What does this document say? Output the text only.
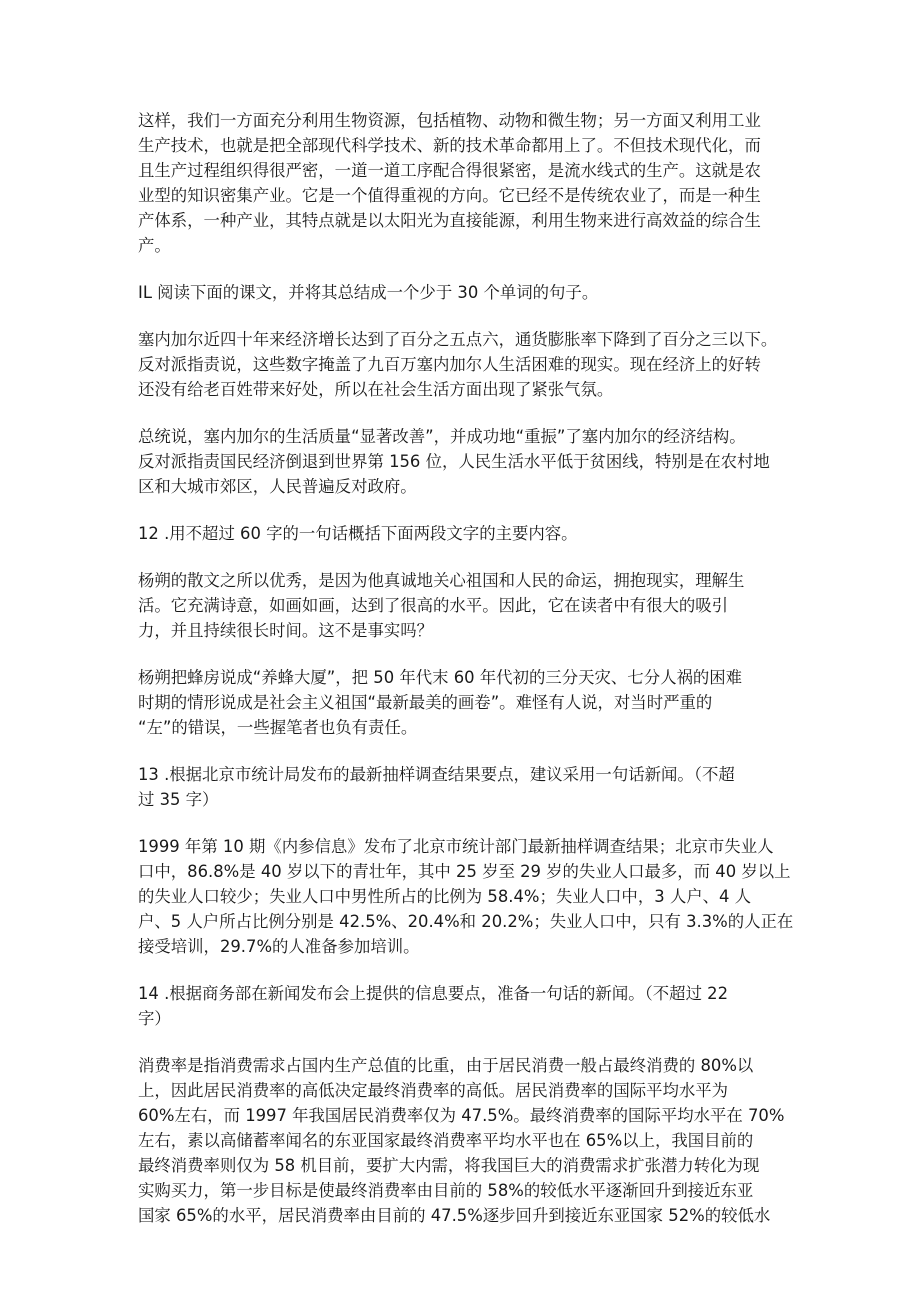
这样，我们一方面充分利用生物资源，包括植物、动物和微生物；另一方面又利用工业
生产技术，也就是把全部现代科学技术、新的技术革命都用上了。不但技术现代化，而
且生产过程组织得很严密，一道一道工序配合得很紧密，是流水线式的生产。这就是农
业型的知识密集产业。它是一个值得重视的方向。它已经不是传统农业了，而是一种生
产体系，一种产业，其特点就是以太阳光为直接能源，利用生物来进行高效益的综合生
产。

IL 阅读下面的课文，并将其总结成一个少于 30 个单词的句子。

塞内加尔近四十年来经济增长达到了百分之五点六，通货膨胀率下降到了百分之三以下。
反对派指责说，这些数字掩盖了九百万塞内加尔人生活困难的现实。现在经济上的好转
还没有给老百姓带来好处，所以在社会生活方面出现了紧张气氛。

总统说，塞内加尔的生活质量“显著改善”，并成功地“重振”了塞内加尔的经济结构。
反对派指责国民经济倒退到世界第 156 位，人民生活水平低于贫困线，特别是在农村地
区和大城市郊区，人民普遍反对政府。

12 .用不超过 60 字的一句话概括下面两段文字的主要内容。

杨朔的散文之所以优秀，是因为他真诚地关心祖国和人民的命运，拥抱现实，理解生
活。它充满诗意，如画如画，达到了很高的水平。因此，它在读者中有很大的吸引
力，并且持续很长时间。这不是事实吗？

杨朔把蜂房说成“养蜂大厦”，把 50 年代末 60 年代初的三分天灾、七分人祸的困难
时期的情形说成是社会主义祖国“最新最美的画卷”。难怪有人说，对当时严重的
“左”的错误，一些握笔者也负有责任。

13 .根据北京市统计局发布的最新抽样调查结果要点，建议采用一句话新闻。（不超
过 35 字）

1999 年第 10 期《内参信息》发布了北京市统计部门最新抽样调查结果；北京市失业人
口中，86.8%是 40 岁以下的青壮年，其中 25 岁至 29 岁的失业人口最多，而 40 岁以上
的失业人口较少；失业人口中男性所占的比例为 58.4%；失业人口中，3 人户、4 人
户、5 人户所占比例分别是 42.5%、20.4%和 20.2%；失业人口中，只有 3.3%的人正在
接受培训，29.7%的人准备参加培训。

14 .根据商务部在新闻发布会上提供的信息要点，准备一句话的新闻。（不超过 22
字）

消费率是指消费需求占国内生产总值的比重，由于居民消费一般占最终消费的 80%以
上，因此居民消费率的高低决定最终消费率的高低。居民消费率的国际平均水平为
60%左右，而 1997 年我国居民消费率仅为 47.5%。最终消费率的国际平均水平在 70%
左右，素以高储蓄率闻名的东亚国家最终消费率平均水平也在 65%以上，我国目前的
最终消费率则仅为 58 机目前，要扩大内需，将我国巨大的消费需求扩张潜力转化为现
实购买力，第一步目标是使最终消费率由目前的 58%的较低水平逐渐回升到接近东亚
国家 65%的水平，居民消费率由目前的 47.5%逐步回升到接近东亚国家 52%的较低水
